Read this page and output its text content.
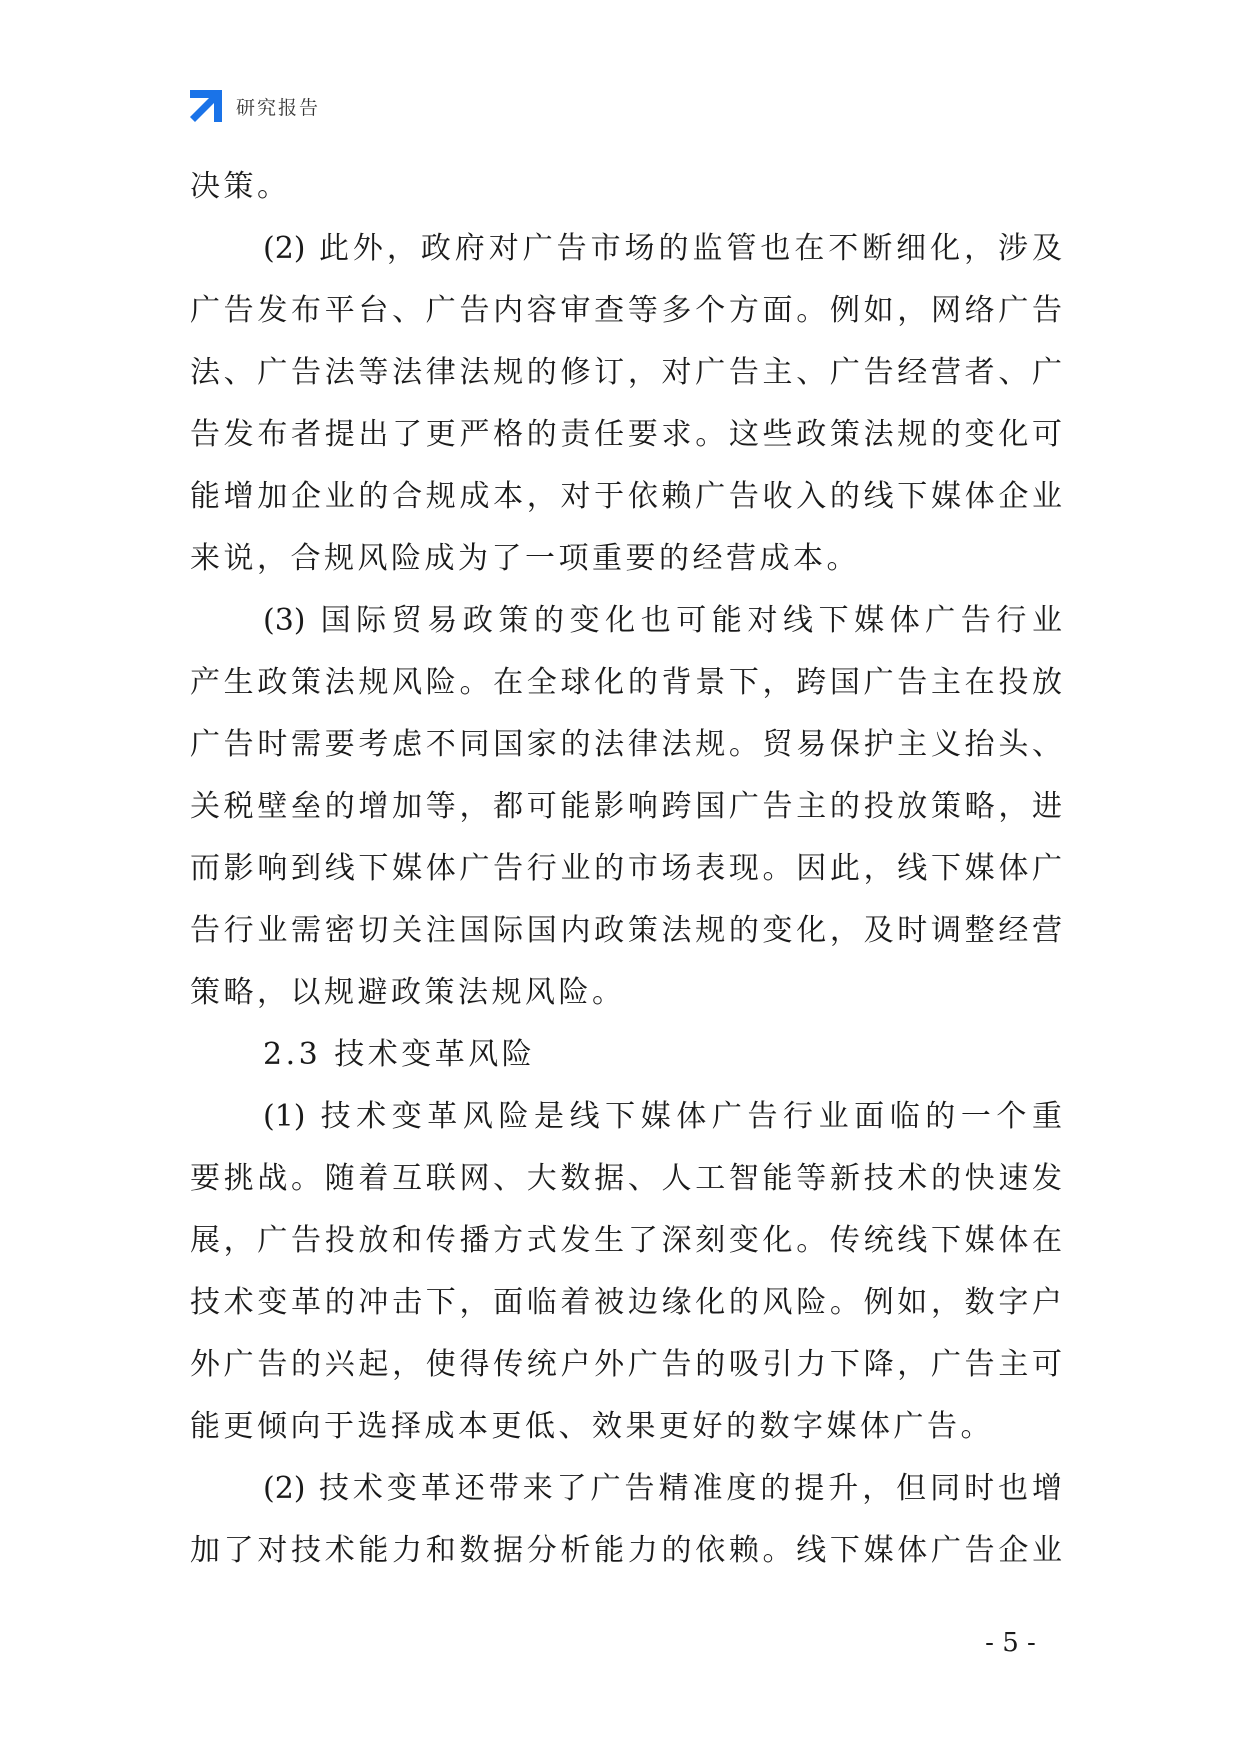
研究报告
决策。
(2) 此外，政府对广告市场的监管也在不断细化，涉及
广告发布平台、广告内容审查等多个方面。例如，网络广告
法、广告法等法律法规的修订，对广告主、广告经营者、广
告发布者提出了更严格的责任要求。这些政策法规的变化可
能增加企业的合规成本，对于依赖广告收入的线下媒体企业
来说，合规风险成为了一项重要的经营成本。
(3) 国际贸易政策的变化也可能对线下媒体广告行业
产生政策法规风险。在全球化的背景下，跨国广告主在投放
广告时需要考虑不同国家的法律法规。贸易保护主义抬头、
关税壁垒的增加等，都可能影响跨国广告主的投放策略，进
而影响到线下媒体广告行业的市场表现。因此，线下媒体广
告行业需密切关注国际国内政策法规的变化，及时调整经营
策略，以规避政策法规风险。
2.3 技术变革风险
(1) 技术变革风险是线下媒体广告行业面临的一个重
要挑战。随着互联网、大数据、人工智能等新技术的快速发
展，广告投放和传播方式发生了深刻变化。传统线下媒体在
技术变革的冲击下，面临着被边缘化的风险。例如，数字户
外广告的兴起，使得传统户外广告的吸引力下降，广告主可
能更倾向于选择成本更低、效果更好的数字媒体广告。
(2) 技术变革还带来了广告精准度的提升，但同时也增
加了对技术能力和数据分析能力的依赖。线下媒体广告企业
- 5 -
